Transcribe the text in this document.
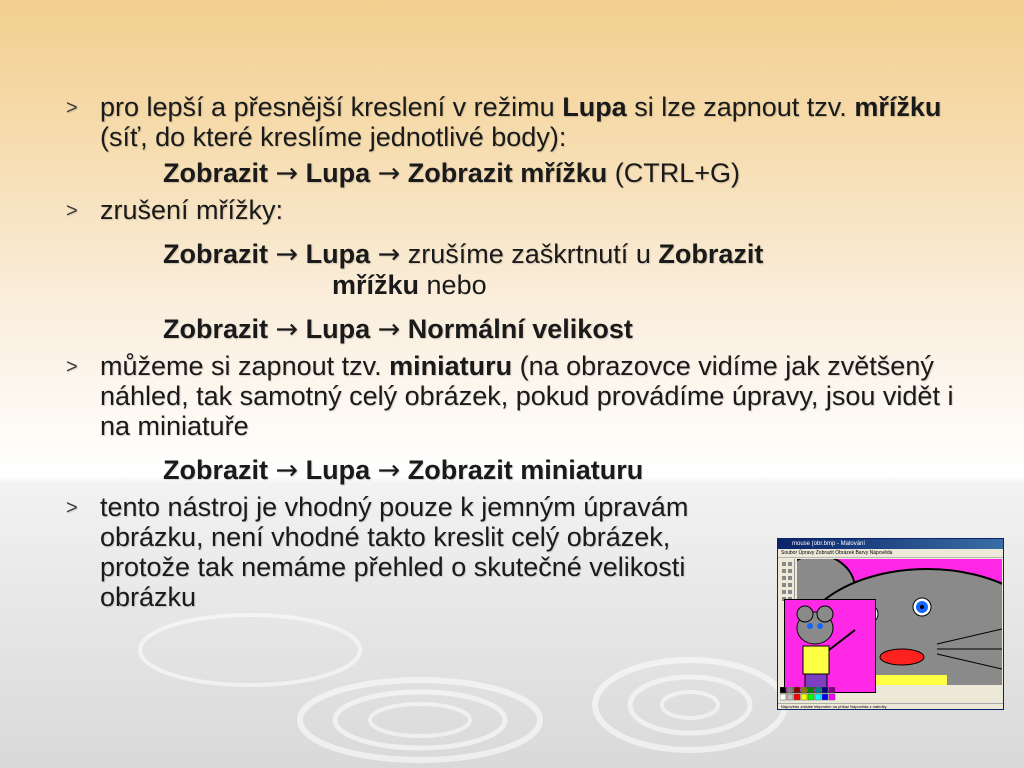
> pro lepší a přesnější kreslení v režimu Lupa si lze zapnout tzv. mřížku (síť, do které kreslíme jednotlivé body):

Zobrazit → Lupa → Zobrazit mřížku (CTRL+G)

> zrušení mřížky:

Zobrazit → Lupa → zrušíme zaškrtnutí u Zobrazit

mřížku nebo

Zobrazit → Lupa → Normální velikost

> můžeme si zapnout tzv. miniaturu (na obrazovce vidíme jak zvětšený náhled, tak samotný celý obrázek, pokud provádíme úpravy, jsou vidět i na miniatuře

Zobrazit → Lupa → Zobrazit miniaturu

> tento nástroj je vhodný pouze k jemným úpravám obrázku, není vhodné takto kreslit celý obrázek, protože tak nemáme přehled o skutečné velikosti obrázku

mouse (obr.bmp - Malování
Soubor Úpravy Zobrazit Obrázek Barvy Nápověda
Nápovědu získáte klepnutím na příkaz Nápověda z nabídky
